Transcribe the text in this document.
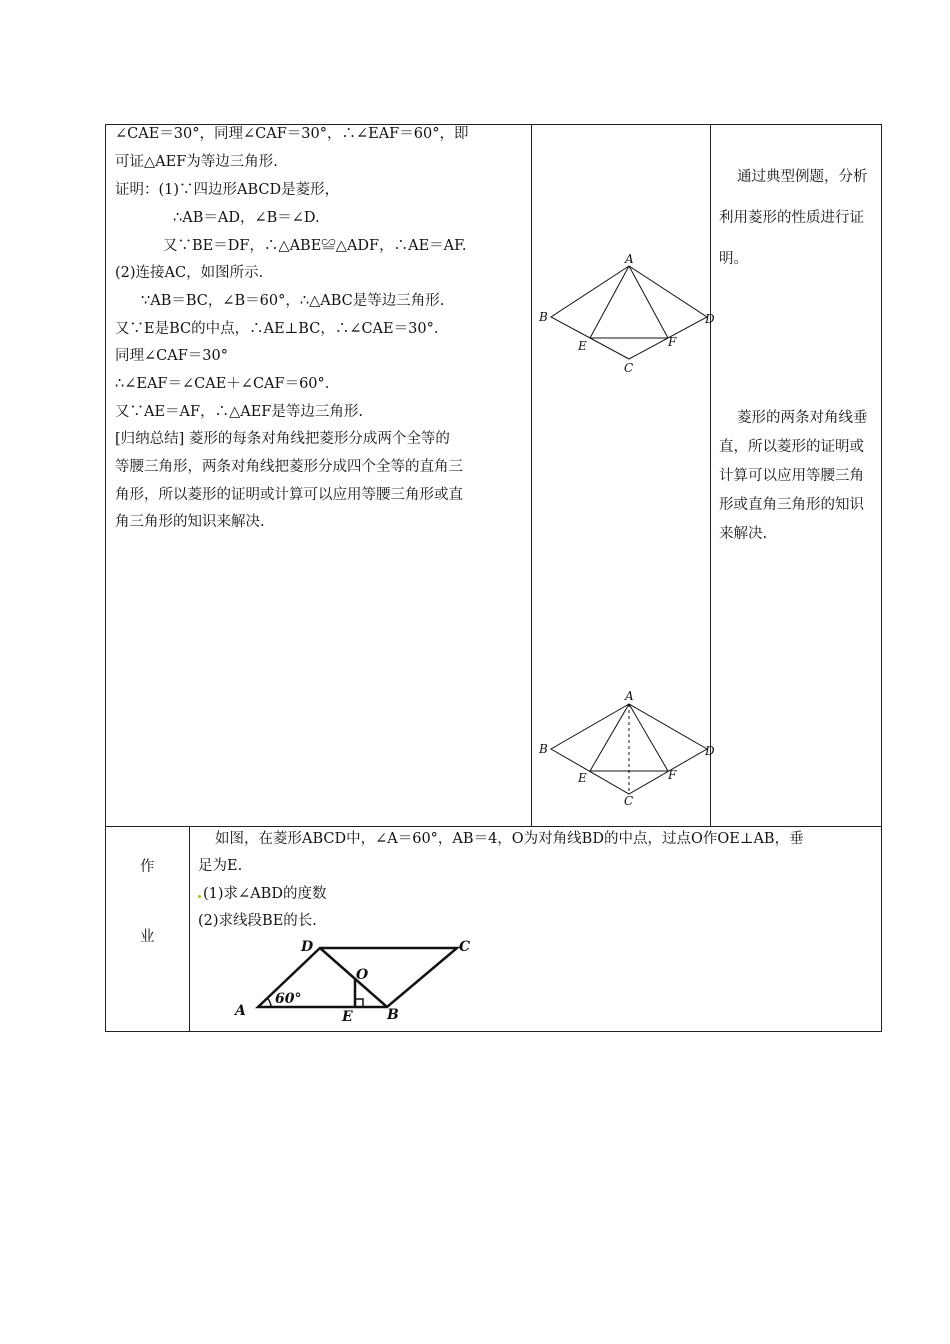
∠CAE＝30°，同理∠CAF＝30°，∴∠EAF＝60°，即
可证△AEF为等边三角形.
证明：(1)∵四边形ABCD是菱形，
∴AB＝AD，∠B＝∠D.
又∵BE＝DF，∴△ABE≌△ADF，∴AE＝AF.
(2)连接AC，如图所示.
∵AB＝BC，∠B＝60°，∴△ABC是等边三角形.
又∵E是BC的中点，∴AE⊥BC，∴∠CAE＝30°.
同理∠CAF＝30°
∴∠EAF＝∠CAE＋∠CAF＝60°.
又∵AE＝AF，∴△AEF是等边三角形.
[归纳总结] 菱形的每条对角线把菱形分成两个全等的
等腰三角形，两条对角线把菱形分成四个全等的直角三
角形，所以菱形的证明或计算可以应用等腰三角形或直
角三角形的知识来解决.
A
B	D
E	F
C
A
B	D
E	F
C
通过典型例题，分析利用菱形的性质进行证明。
菱形的两条对角线垂直，所以菱形的证明或计算可以应用等腰三角形或直角三角形的知识来解决.
作
业
如图，在菱形ABCD中，∠A＝60°，AB＝4，O为对角线BD的中点，过点O作OE⊥AB，垂
足为E.
(1)求∠ABD的度数
(2)求线段BE的长.
D	C
O
A
60°
E B
